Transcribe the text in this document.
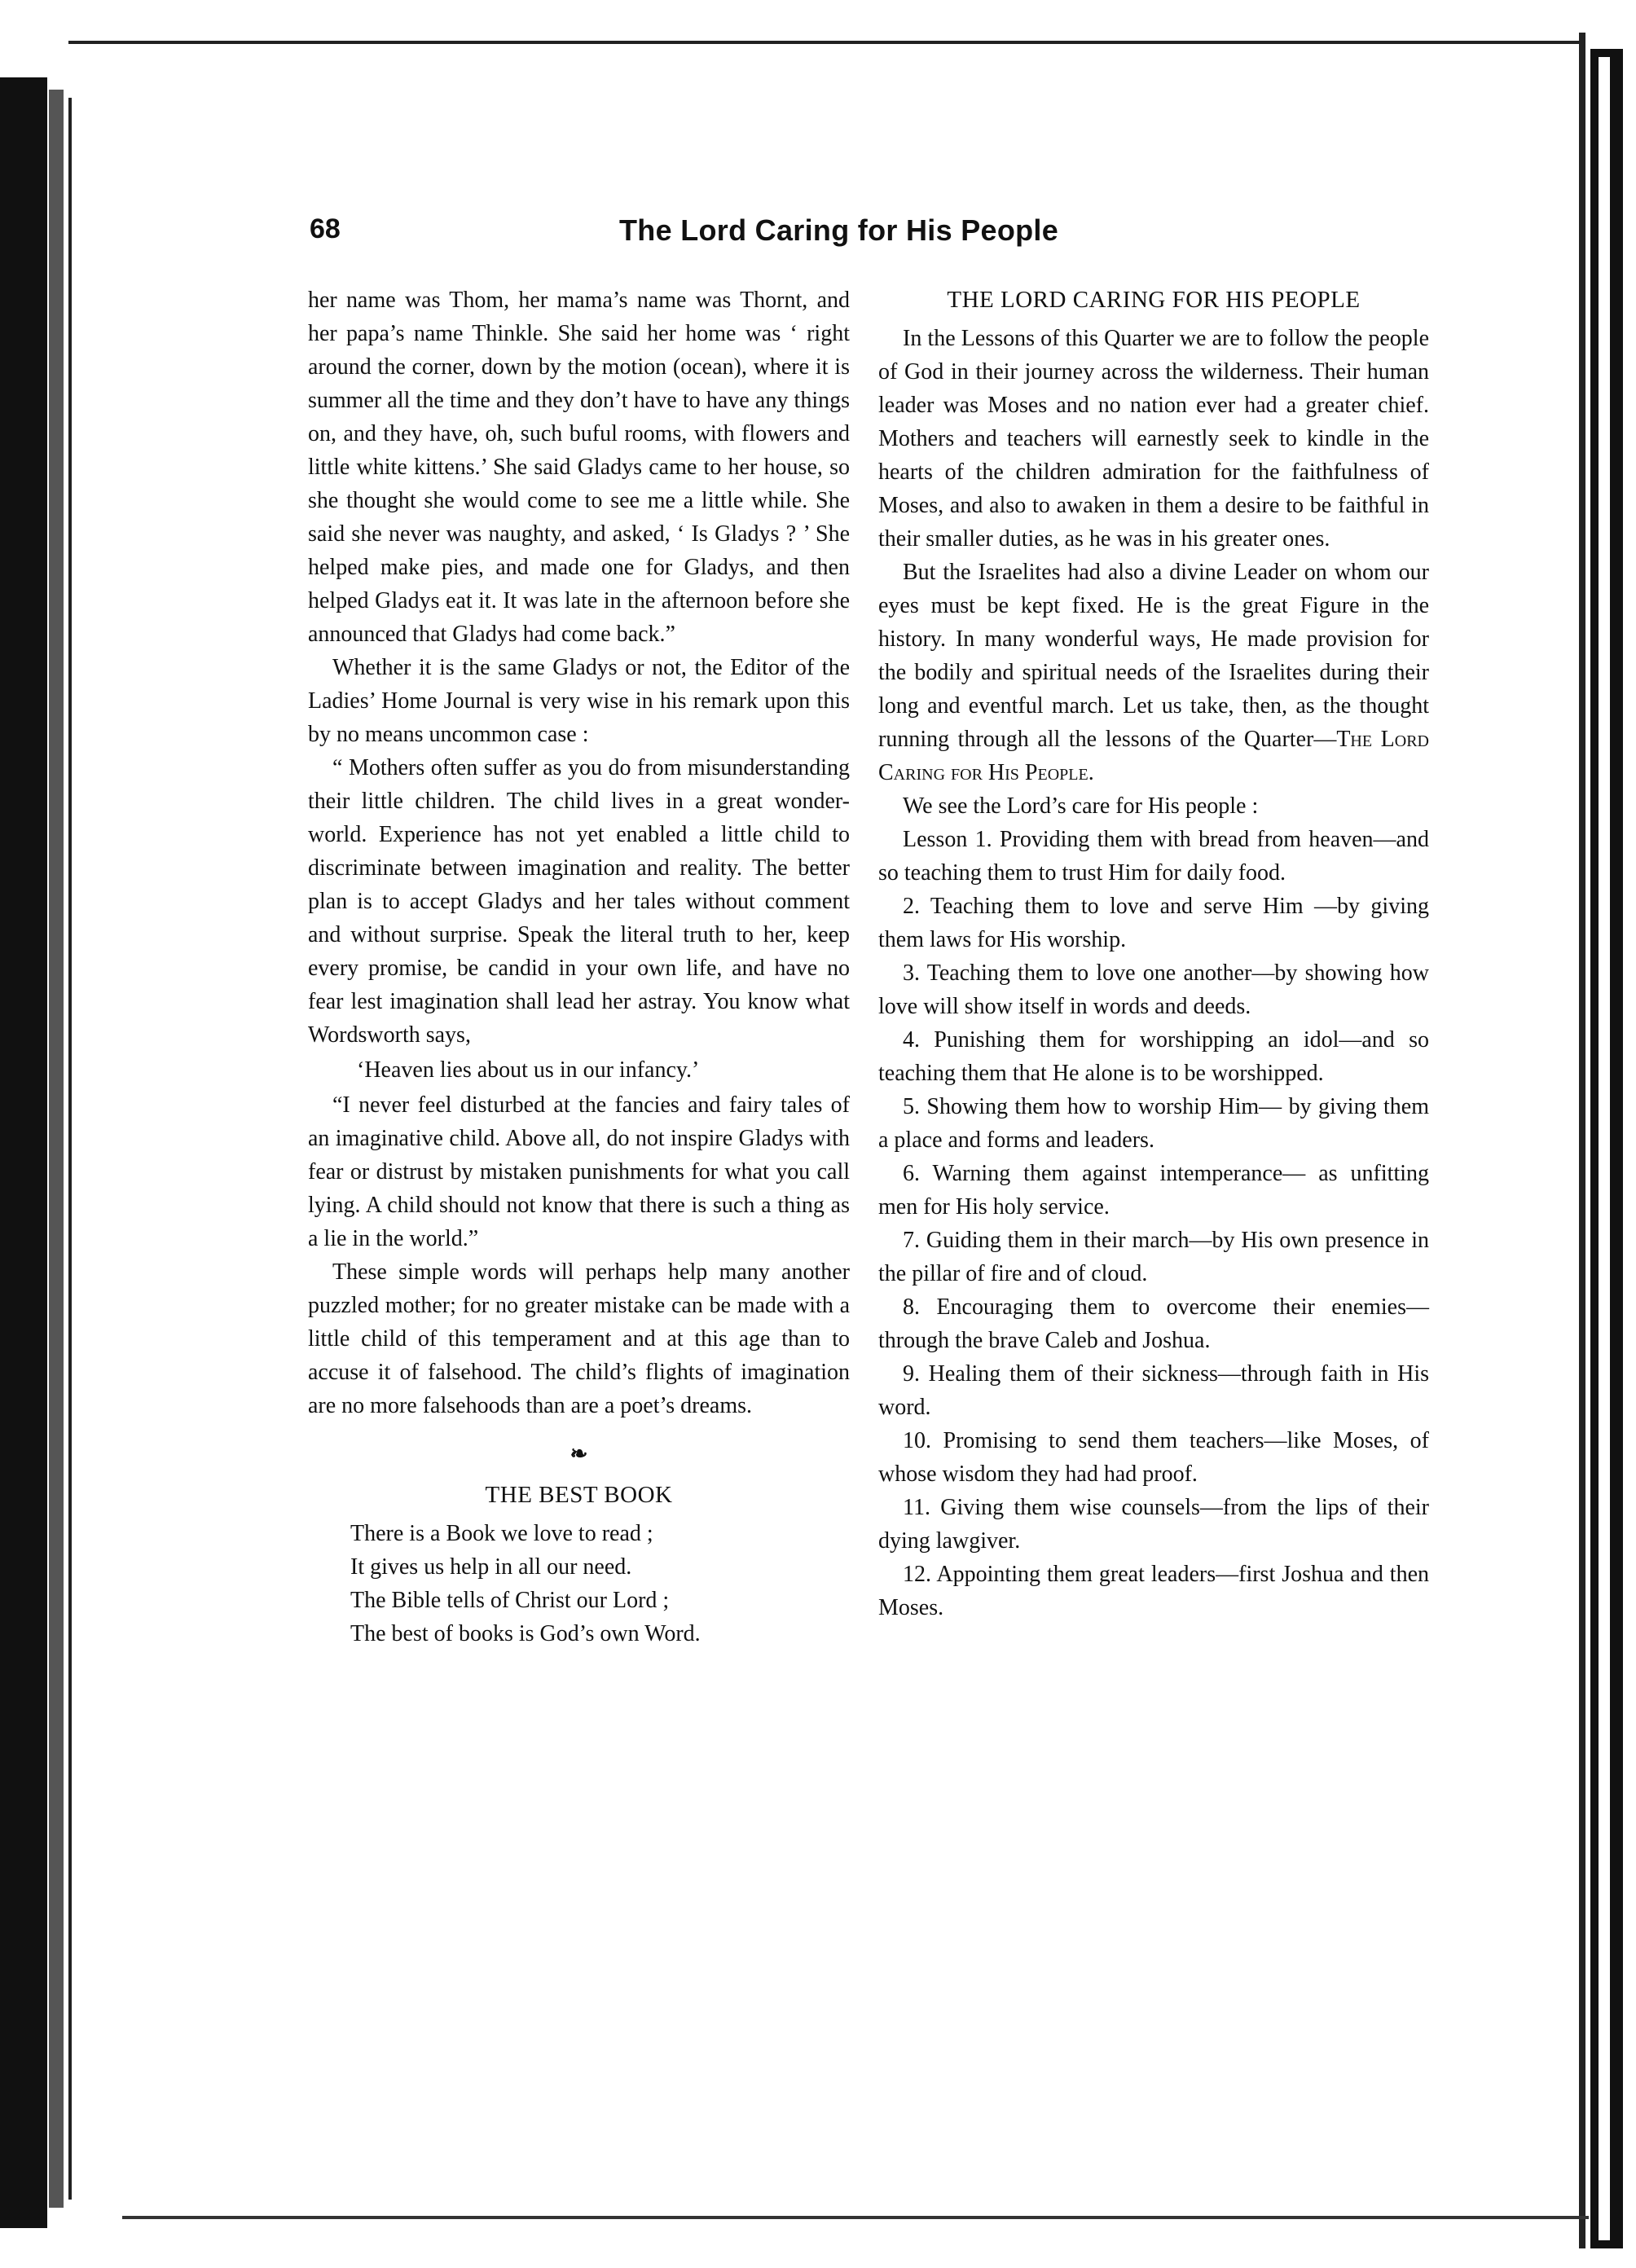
68	The Lord Caring for His People

her name was Thom, her mama’s name was Thornt, and her papa’s name Thinkle. She said her home was ‘ right around the corner, down by the motion (ocean), where it is summer all the time and they don’t have to have any things on, and they have, oh, such buful rooms, with flowers and little white kittens.’ She said Gladys came to her house, so she thought she would come to see me a little while. She said she never was naughty, and asked, ‘ Is Gladys ? ’ She helped make pies, and made one for Gladys, and then helped Gladys eat it. It was late in the afternoon before she announced that Gladys had come back.”

Whether it is the same Gladys or not, the Editor of the Ladies’ Home Journal is very wise in his remark upon this by no means uncommon case :

“ Mothers often suffer as you do from misunderstanding their little children. The child lives in a great wonder-world. Experience has not yet enabled a little child to discriminate between imagination and reality. The better plan is to accept Gladys and her tales without comment and without surprise. Speak the literal truth to her, keep every promise, be candid in your own life, and have no fear lest imagination shall lead her astray. You know what Wordsworth says,

‘Heaven lies about us in our infancy.’

“I never feel disturbed at the fancies and fairy tales of an imaginative child. Above all, do not inspire Gladys with fear or distrust by mistaken punishments for what you call lying. A child should not know that there is such a thing as a lie in the world.”

These simple words will perhaps help many another puzzled mother; for no greater mistake can be made with a little child of this temperament and at this age than to accuse it of falsehood. The child’s flights of imagination are no more falsehoods than are a poet’s dreams.

❧
THE BEST BOOK
There is a Book we love to read ;
It gives us help in all our need.
The Bible tells of Christ our Lord ;
The best of books is God’s own Word.
THE LORD CARING FOR HIS PEOPLE

In the Lessons of this Quarter we are to follow the people of God in their journey across the wilderness. Their human leader was Moses and no nation ever had a greater chief. Mothers and teachers will earnestly seek to kindle in the hearts of the children admiration for the faithfulness of Moses, and also to awaken in them a desire to be faithful in their smaller duties, as he was in his greater ones.

But the Israelites had also a divine Leader on whom our eyes must be kept fixed. He is the great Figure in the history. In many wonderful ways, He made provision for the bodily and spiritual needs of the Israelites during their long and eventful march. Let us take, then, as the thought running through all the lessons of the Quarter—The Lord Caring for His People.

We see the Lord’s care for His people :

Lesson 1. Providing them with bread from heaven—and so teaching them to trust Him for daily food.

2. Teaching them to love and serve Him —by giving them laws for His worship.

3. Teaching them to love one another—by showing how love will show itself in words and deeds.

4. Punishing them for worshipping an idol—and so teaching them that He alone is to be worshipped.

5. Showing them how to worship Him— by giving them a place and forms and leaders.

6. Warning them against intemperance— as unfitting men for His holy service.

7. Guiding them in their march—by His own presence in the pillar of fire and of cloud.

8. Encouraging them to overcome their enemies—through the brave Caleb and Joshua.

9. Healing them of their sickness—through faith in His word.

10. Promising to send them teachers—like Moses, of whose wisdom they had had proof.

11. Giving them wise counsels—from the lips of their dying lawgiver.

12. Appointing them great leaders—first Joshua and then Moses.
